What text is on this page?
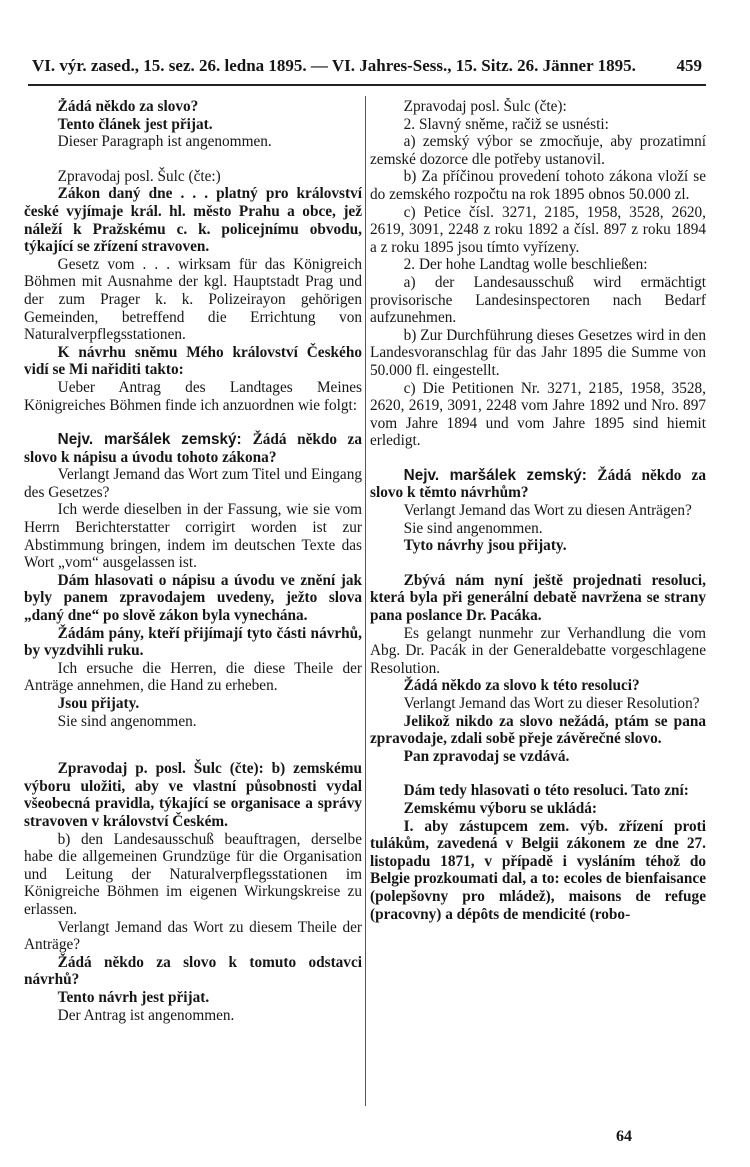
VI. výr. zased., 15. sez. 26. ledna 1895. — VI. Jahres-Sess., 15. Sitz. 26. Jänner 1895. 459

Žádá někdo za slovo?

Tento článek jest přijat.

Dieser Paragraph ist angenommen.

Zpravodaj posl. Šulc (čte:)

Zákon daný dne . . . platný pro království české vyjímaje král. hl. město Prahu a obce, jež náleží k Pražskému c. k. policejnímu obvodu, týkající se zřízení stravoven.

Gesetz vom . . . wirksam für das Königreich Böhmen mit Ausnahme der kgl. Hauptstadt Prag und der zum Prager k. k. Polizeirayon gehörigen Gemeinden, betreffend die Errichtung von Naturalverpflegsstationen.

K návrhu sněmu Mého království Českého vidí se Mi nařiditi takto:

Ueber Antrag des Landtages Meines Königreiches Böhmen finde ich anzuordnen wie folgt:

Nejv. maršálek zemský: Žádá někdo za slovo k nápisu a úvodu tohoto zákona?

Verlangt Jemand das Wort zum Titel und Eingang des Gesetzes?

Ich werde dieselben in der Fassung, wie sie vom Herrn Berichterstatter corrigirt worden ist zur Abstimmung bringen, indem im deutschen Texte das Wort „vom“ ausgelassen ist.

Dám hlasovati o nápisu a úvodu ve znění jak byly panem zpravodajem uvedeny, ježto slova „daný dne“ po slově zákon byla vynechána.

Žádám pány, kteří přijímají tyto části návrhů, by vyzdvihli ruku.

Ich ersuche die Herren, die diese Theile der Anträge annehmen, die Hand zu erheben.

Jsou přijaty.

Sie sind angenommen.

Zpravodaj p. posl. Šulc (čte): b) zemskému výboru uložiti, aby ve vlastní působnosti vydal všeobecná pravidla, týkající se organisace a správy stravoven v království Českém.

b) den Landesausschuß beauftragen, derselbe habe die allgemeinen Grundzüge für die Organisation und Leitung der Naturalverpflegsstationen im Königreiche Böhmen im eigenen Wirkungskreise zu erlassen.

Verlangt Jemand das Wort zu diesem Theile der Anträge?

Žádá někdo za slovo k tomuto odstavci návrhů?

Tento návrh jest přijat.

Der Antrag ist angenommen.

Zpravodaj posl. Šulc (čte):

2. Slavný sněme, račiž se usnésti:

a) zemský výbor se zmocňuje, aby prozatimní zemské dozorce dle potřeby ustanovil.

b) Za příčinou provedení tohoto zákona vloží se do zemského rozpočtu na rok 1895 obnos 50.000 zl.

c) Petice čísl. 3271, 2185, 1958, 3528, 2620, 2619, 3091, 2248 z roku 1892 a čísl. 897 z roku 1894 a z roku 1895 jsou tímto vyřízeny.

2. Der hohe Landtag wolle beschließen:

a) der Landesausschuß wird ermächtigt provisorische Landesinspectoren nach Bedarf aufzunehmen.

b) Zur Durchführung dieses Gesetzes wird in den Landesvoranschlag für das Jahr 1895 die Summe von 50.000 fl. eingestellt.

c) Die Petitionen Nr. 3271, 2185, 1958, 3528, 2620, 2619, 3091, 2248 vom Jahre 1892 und Nro. 897 vom Jahre 1894 und vom Jahre 1895 sind hiemit erledigt.

Nejv. maršálek zemský: Žádá někdo za slovo k těmto návrhům?

Verlangt Jemand das Wort zu diesen Anträgen?

Sie sind angenommen.

Tyto návrhy jsou přijaty.

Zbývá nám nyní ještě projednati resoluci, která byla při generální debatě navržena se strany pana poslance Dr. Pacáka.

Es gelangt nunmehr zur Verhandlung die vom Abg. Dr. Pacák in der Generaldebatte vorgeschlagene Resolution.

Žádá někdo za slovo k této resoluci?

Verlangt Jemand das Wort zu dieser Resolution?

Jelikož nikdo za slovo nežádá, ptám se pana zpravodaje, zdali sobě přeje závěrečné slovo.

Pan zpravodaj se vzdává.

Dám tedy hlasovati o této resoluci. Tato zní:

Zemskému výboru se ukládá:

I. aby zástupcem zem. výb. zřízení proti tulákům, zavedená v Belgii zákonem ze dne 27. listopadu 1871, v případě i vysláním téhož do Belgie prozkoumati dal, a to: ecoles de bienfaisance (polepšovny pro mládež), maisons de refuge (pracovny) a dépôts de mendicité (robo-

64
